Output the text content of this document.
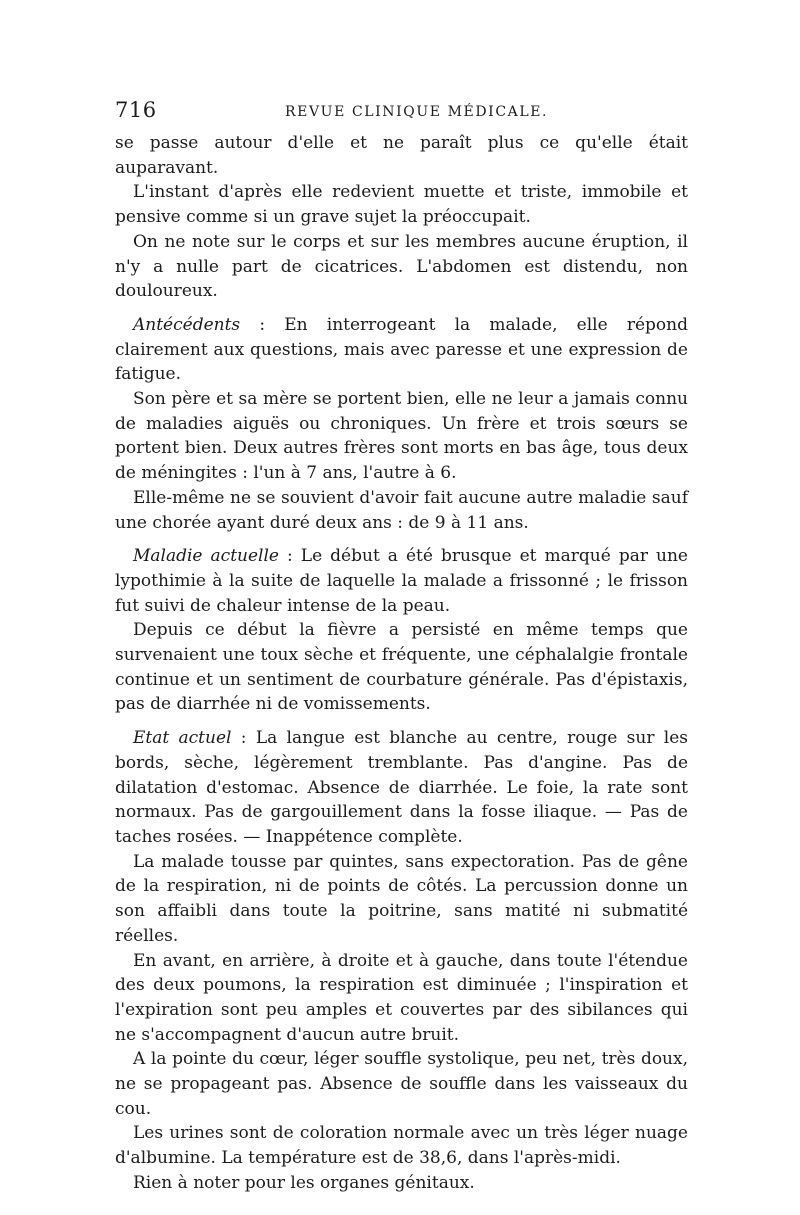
716	REVUE CLINIQUE MÉDICALE.

se passe autour d'elle et ne paraît plus ce qu'elle était auparavant.

L'instant d'après elle redevient muette et triste, immobile et pensive comme si un grave sujet la préoccupait.

On ne note sur le corps et sur les membres aucune éruption, il n'y a nulle part de cicatrices. L'abdomen est distendu, non douloureux.

Antécédents : En interrogeant la malade, elle répond clairement aux questions, mais avec paresse et une expression de fatigue.

Son père et sa mère se portent bien, elle ne leur a jamais connu de maladies aiguës ou chroniques. Un frère et trois sœurs se portent bien. Deux autres frères sont morts en bas âge, tous deux de méningites : l'un à 7 ans, l'autre à 6.

Elle-même ne se souvient d'avoir fait aucune autre maladie sauf une chorée ayant duré deux ans : de 9 à 11 ans.

Maladie actuelle : Le début a été brusque et marqué par une lypothimie à la suite de laquelle la malade a frissonné ; le frisson fut suivi de chaleur intense de la peau.

Depuis ce début la fièvre a persisté en même temps que survenaient une toux sèche et fréquente, une céphalalgie frontale continue et un sentiment de courbature générale. Pas d'épistaxis, pas de diarrhée ni de vomissements.

Etat actuel : La langue est blanche au centre, rouge sur les bords, sèche, légèrement tremblante. Pas d'angine. Pas de dilatation d'estomac. Absence de diarrhée. Le foie, la rate sont normaux. Pas de gargouillement dans la fosse iliaque. — Pas de taches rosées. — Inappétence complète.

La malade tousse par quintes, sans expectoration. Pas de gêne de la respiration, ni de points de côtés. La percussion donne un son affaibli dans toute la poitrine, sans matité ni submatité réelles.

En avant, en arrière, à droite et à gauche, dans toute l'étendue des deux poumons, la respiration est diminuée ; l'inspiration et l'expiration sont peu amples et couvertes par des sibilances qui ne s'accompagnent d'aucun autre bruit.

A la pointe du cœur, léger souffle systolique, peu net, très doux, ne se propageant pas. Absence de souffle dans les vaisseaux du cou.

Les urines sont de coloration normale avec un très léger nuage d'albumine. La température est de 38,6, dans l'après-midi.

Rien à noter pour les organes génitaux.
